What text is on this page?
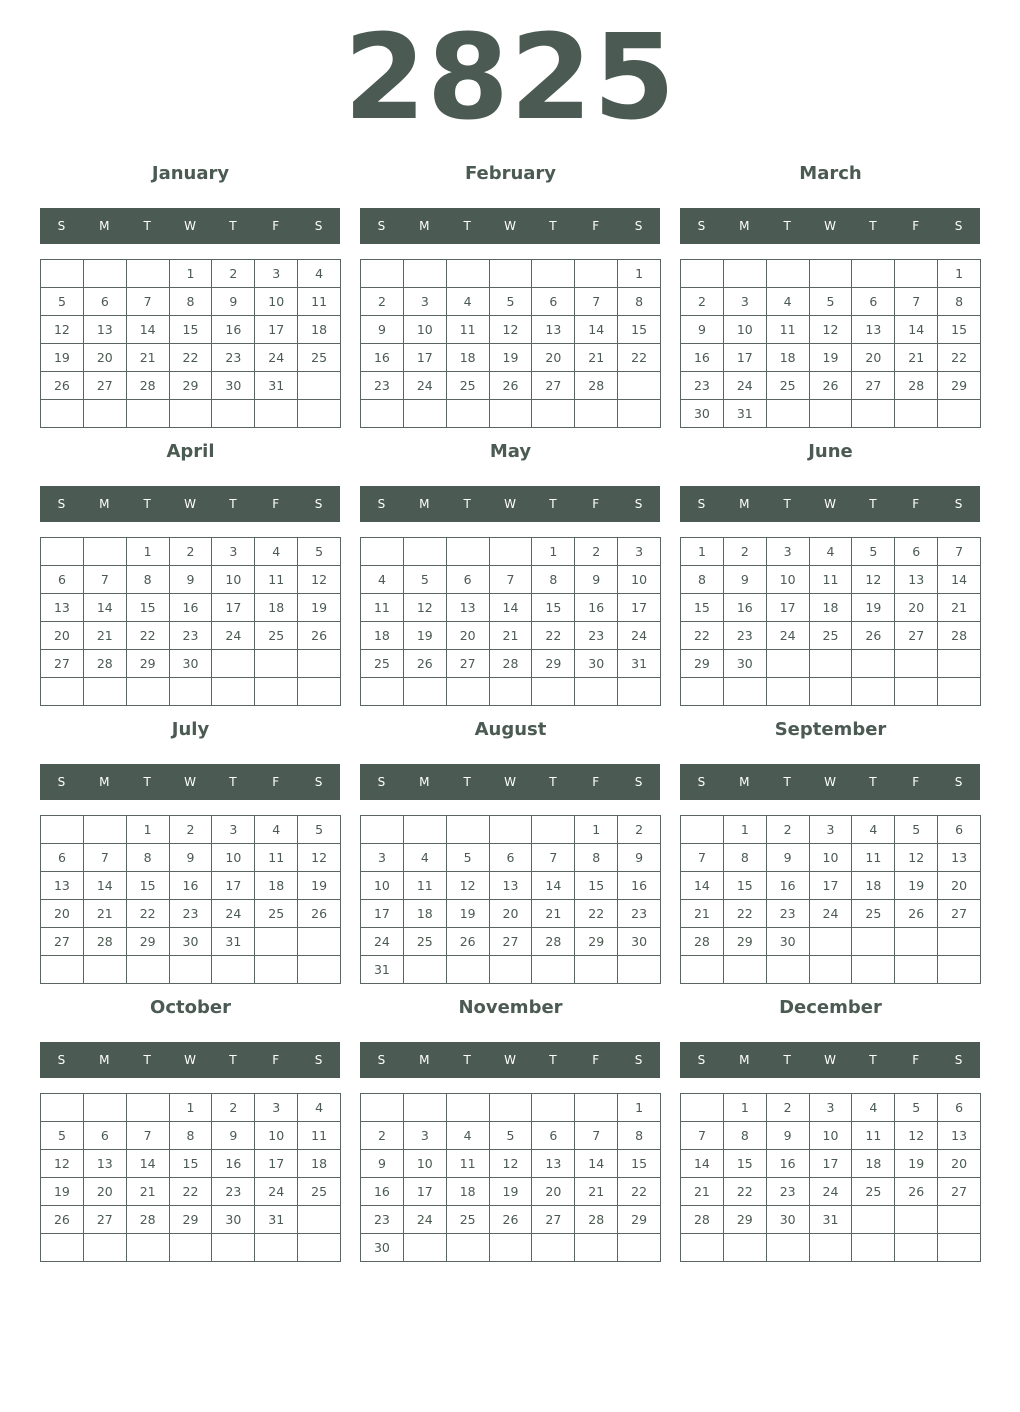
2825
January
S	M	T	W	T	F	S
			1	2	3	4
5	6	7	8	9	10	11
12	13	14	15	16	17	18
19	20	21	22	23	24	25
26	27	28	29	30	31	

February
S	M	T	W	T	F	S
						1
2	3	4	5	6	7	8
9	10	11	12	13	14	15
16	17	18	19	20	21	22
23	24	25	26	27	28	

March
S	M	T	W	T	F	S
						1
2	3	4	5	6	7	8
9	10	11	12	13	14	15
16	17	18	19	20	21	22
23	24	25	26	27	28	29
30	31					
April
S	M	T	W	T	F	S
		1	2	3	4	5
6	7	8	9	10	11	12
13	14	15	16	17	18	19
20	21	22	23	24	25	26
27	28	29	30			

May
S	M	T	W	T	F	S
				1	2	3
4	5	6	7	8	9	10
11	12	13	14	15	16	17
18	19	20	21	22	23	24
25	26	27	28	29	30	31

June
S	M	T	W	T	F	S
1	2	3	4	5	6	7
8	9	10	11	12	13	14
15	16	17	18	19	20	21
22	23	24	25	26	27	28
29	30					

July
S	M	T	W	T	F	S
		1	2	3	4	5
6	7	8	9	10	11	12
13	14	15	16	17	18	19
20	21	22	23	24	25	26
27	28	29	30	31		

August
S	M	T	W	T	F	S
					1	2
3	4	5	6	7	8	9
10	11	12	13	14	15	16
17	18	19	20	21	22	23
24	25	26	27	28	29	30
31						
September
S	M	T	W	T	F	S
	1	2	3	4	5	6
7	8	9	10	11	12	13
14	15	16	17	18	19	20
21	22	23	24	25	26	27
28	29	30				

October
S	M	T	W	T	F	S
			1	2	3	4
5	6	7	8	9	10	11
12	13	14	15	16	17	18
19	20	21	22	23	24	25
26	27	28	29	30	31	

November
S	M	T	W	T	F	S
						1
2	3	4	5	6	7	8
9	10	11	12	13	14	15
16	17	18	19	20	21	22
23	24	25	26	27	28	29
30						
December
S	M	T	W	T	F	S
	1	2	3	4	5	6
7	8	9	10	11	12	13
14	15	16	17	18	19	20
21	22	23	24	25	26	27
28	29	30	31			
